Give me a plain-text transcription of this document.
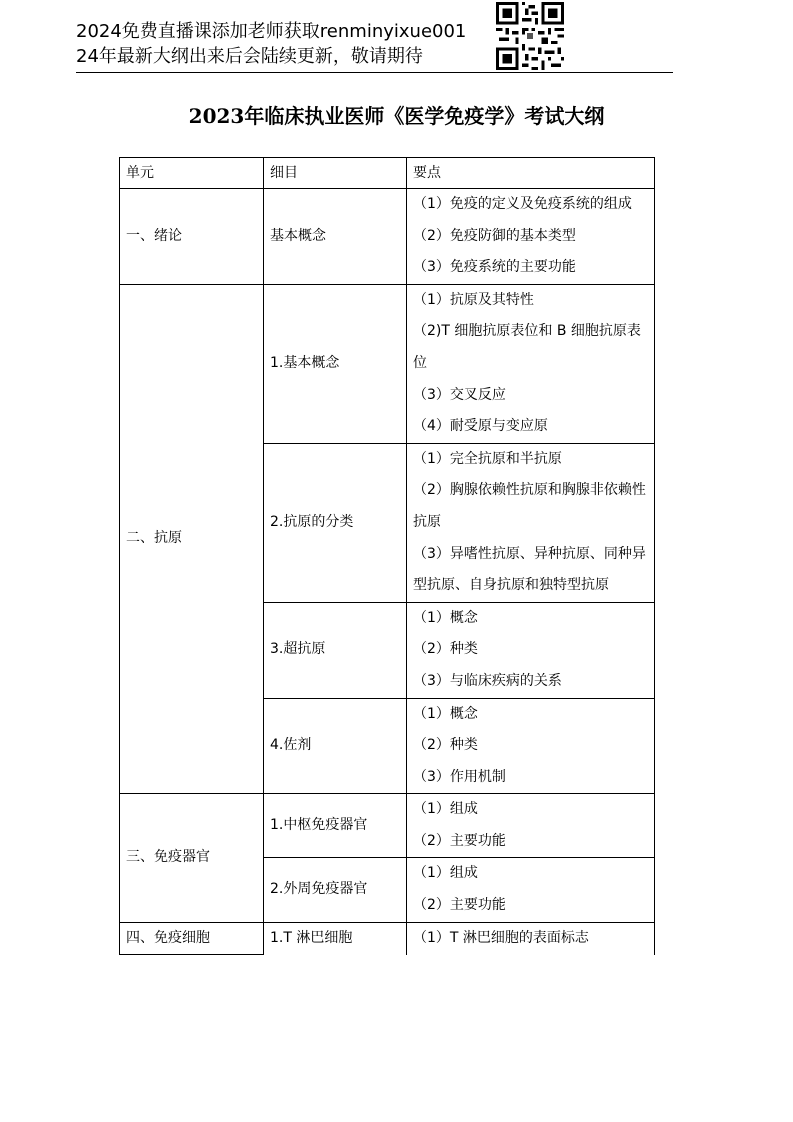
2024免费直播课添加老师获取renminyixue001
24年最新大纲出来后会陆续更新，敬请期待
2023年临床执业医师《医学免疫学》考试大纲
单元	细目	要点
一、绪论	基本概念	（1）免疫的定义及免疫系统的组成
（2）免疫防御的基本类型
（3）免疫系统的主要功能

二、抗原	1.基本概念	（1）抗原及其特性
（2)T 细胞抗原表位和 B 细胞抗原表位
（3）交叉反应
（4）耐受原与变应原

	2.抗原的分类	（1）完全抗原和半抗原
（2）胸腺依赖性抗原和胸腺非依赖性抗原
（3）异嗜性抗原、异种抗原、同种异型抗原、自身抗原和独特型抗原

	3.超抗原	（1）概念
（2）种类
（3）与临床疾病的关系

	4.佐剂	（1）概念
（2）种类
（3）作用机制

三、免疫器官	1.中枢免疫器官	（1）组成
（2）主要功能

	2.外周免疫器官	（1）组成
（2）主要功能

四、免疫细胞	1.T 淋巴细胞	（1）T 淋巴细胞的表面标志
